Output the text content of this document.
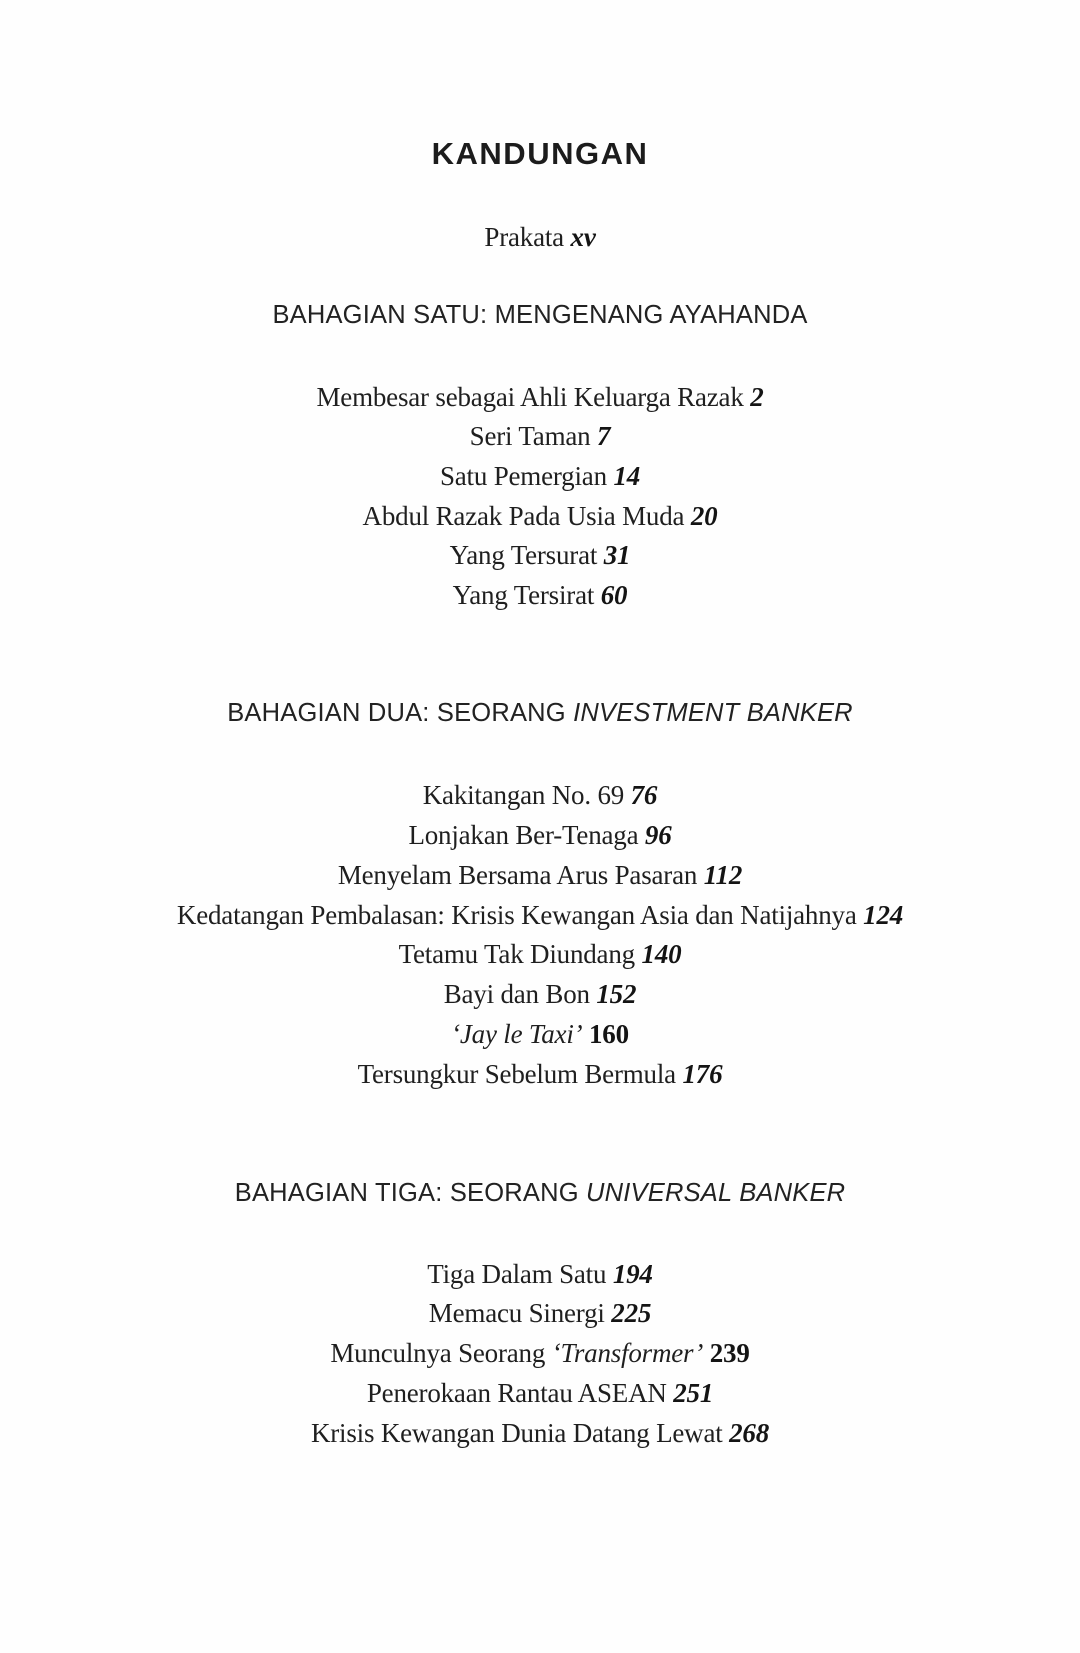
KANDUNGAN
Prakata xv
BAHAGIAN SATU: MENGENANG AYAHANDA
Membesar sebagai Ahli Keluarga Razak 2
Seri Taman 7
Satu Pemergian 14
Abdul Razak Pada Usia Muda 20
Yang Tersurat 31
Yang Tersirat 60
BAHAGIAN DUA: SEORANG INVESTMENT BANKER
Kakitangan No. 69 76
Lonjakan Ber-Tenaga 96
Menyelam Bersama Arus Pasaran 112
Kedatangan Pembalasan: Krisis Kewangan Asia dan Natijahnya 124
Tetamu Tak Diundang 140
Bayi dan Bon 152
‘Jay le Taxi’ 160
Tersungkur Sebelum Bermula 176
BAHAGIAN TIGA: SEORANG UNIVERSAL BANKER
Tiga Dalam Satu 194
Memacu Sinergi 225
Munculnya Seorang ‘Transformer’ 239
Penerokaan Rantau ASEAN 251
Krisis Kewangan Dunia Datang Lewat 268
